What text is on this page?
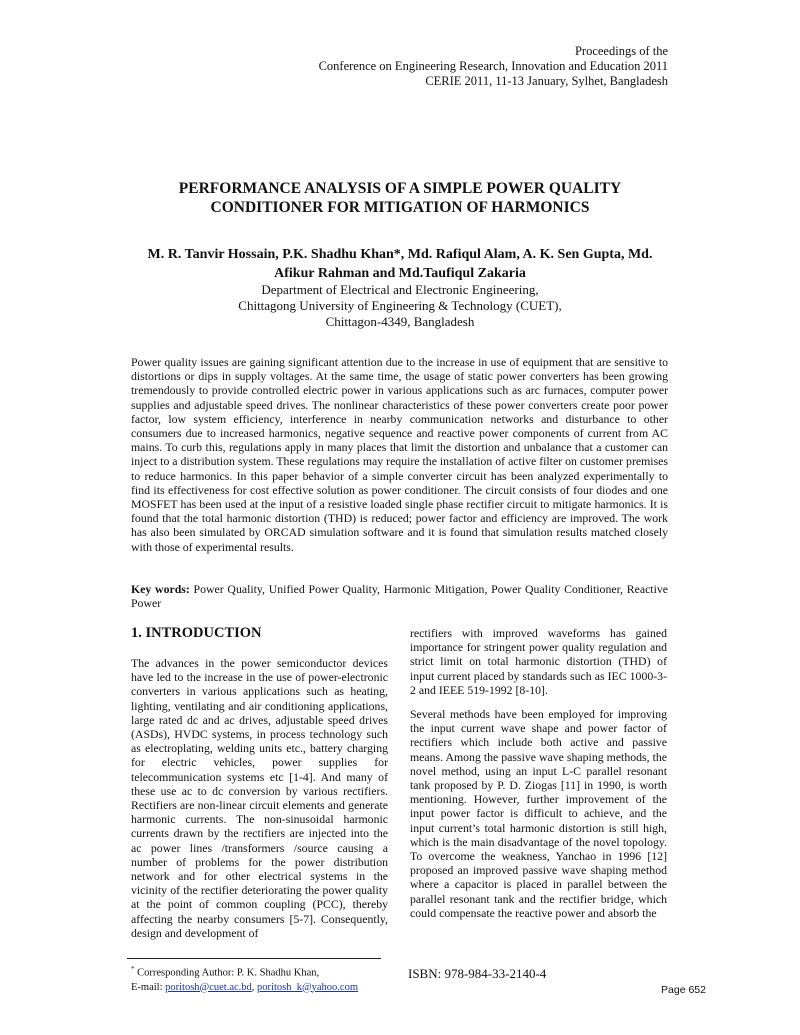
Proceedings of the
Conference on Engineering Research, Innovation and Education 2011
CERIE 2011, 11-13 January, Sylhet, Bangladesh
PERFORMANCE ANALYSIS OF A SIMPLE POWER QUALITY
CONDITIONER FOR MITIGATION OF HARMONICS
M. R. Tanvir Hossain, P.K. Shadhu Khan*, Md. Rafiqul Alam, A. K. Sen Gupta, Md.
Afikur Rahman and Md.Taufiqul Zakaria
Department of Electrical and Electronic Engineering,
Chittagong University of Engineering & Technology (CUET),
Chittagon-4349, Bangladesh

Power quality issues are gaining significant attention due to the increase in use of equipment that are sensitive to distortions or dips in supply voltages. At the same time, the usage of static power converters has been growing tremendously to provide controlled electric power in various applications such as arc furnaces, computer power supplies and adjustable speed drives. The nonlinear characteristics of these power converters create poor power factor, low system efficiency, interference in nearby communication networks and disturbance to other consumers due to increased harmonics, negative sequence and reactive power components of current from AC mains. To curb this, regulations apply in many places that limit the distortion and unbalance that a customer can inject to a distribution system. These regulations may require the installation of active filter on customer premises to reduce harmonics. In this paper behavior of a simple converter circuit has been analyzed experimentally to find its effectiveness for cost effective solution as power conditioner. The circuit consists of four diodes and one MOSFET has been used at the input of a resistive loaded single phase rectifier circuit to mitigate harmonics. It is found that the total harmonic distortion (THD) is reduced; power factor and efficiency are improved. The work has also been simulated by ORCAD simulation software and it is found that simulation results matched closely with those of experimental results.

Key words: Power Quality, Unified Power Quality, Harmonic Mitigation, Power Quality Conditioner, Reactive Power

1. INTRODUCTION

The advances in the power semiconductor devices have led to the increase in the use of power-electronic converters in various applications such as heating, lighting, ventilating and air conditioning applications, large rated dc and ac drives, adjustable speed drives (ASDs), HVDC systems, in process technology such as electroplating, welding units etc., battery charging for electric vehicles, power supplies for telecommunication systems etc [1-4]. And many of these use ac to dc conversion by various rectifiers. Rectifiers are non-linear circuit elements and generate harmonic currents. The non-sinusoidal harmonic currents drawn by the rectifiers are injected into the ac power lines /transformers /source causing a number of problems for the power distribution network and for other electrical systems in the vicinity of the rectifier deteriorating the power quality at the point of common coupling (PCC), thereby affecting the nearby consumers [5-7]. Consequently, design and development of

rectifiers with improved waveforms has gained importance for stringent power quality regulation and strict limit on total harmonic distortion (THD) of input current placed by standards such as IEC 1000-3-2 and IEEE 519-1992 [8-10].

Several methods have been employed for improving the input current wave shape and power factor of rectifiers which include both active and passive means. Among the passive wave shaping methods, the novel method, using an input L-C parallel resonant tank proposed by P. D. Ziogas [11] in 1990, is worth mentioning. However, further improvement of the input power factor is difficult to achieve, and the input current’s total harmonic distortion is still high, which is the main disadvantage of the novel topology. To overcome the weakness, Yanchao in 1996 [12] proposed an improved passive wave shaping method where a capacitor is placed in parallel between the parallel resonant tank and the rectifier bridge, which could compensate the reactive power and absorb the

* Corresponding Author: P. K. Shadhu Khan,
E-mail: poritosh@cuet.ac.bd, poritosh_k@yahoo.com
ISBN: 978-984-33-2140-4
Page 652
